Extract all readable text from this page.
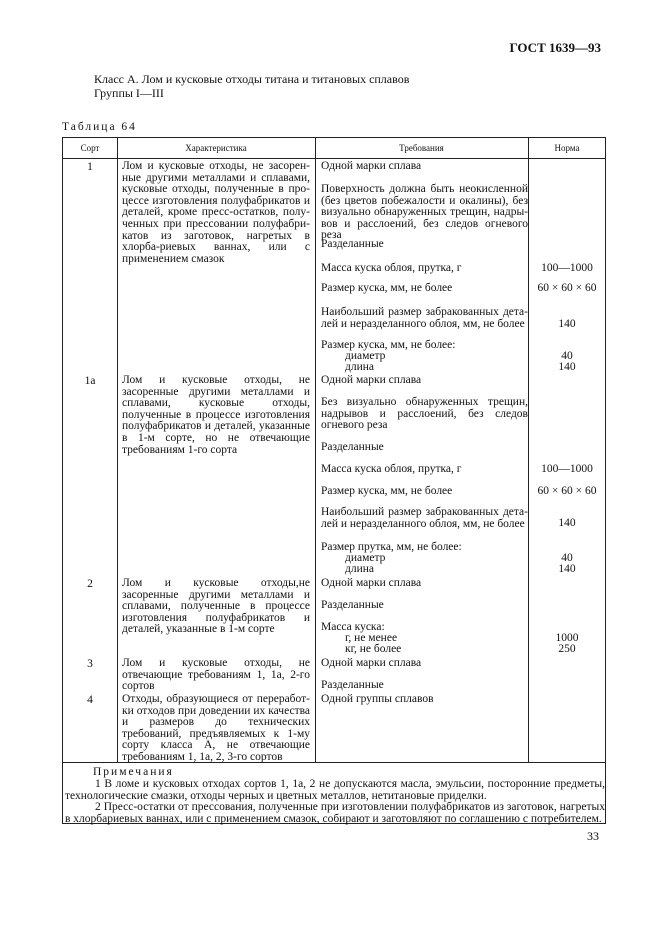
ГОСТ 1639—93
Класс А. Лом и кусковые отходы титана и титановых сплавов
Группы I—III
Таблица 64
Сорт	Характеристика	Требования	Норма
1	Лом и кусковые отходы, не засорен-ные другими металлами и сплавами, кусковые отходы, полученные в про-цессе изготовления полуфабрикатов и деталей, кроме пресс-остатков, полу-ченных при прессовании полуфабри-катов из заготовок, нагретых в хлорба-риевых ваннах, или с применением смазок
Одной марки сплава
Поверхность должна быть неокисленной (без цветов побежалости и окалины), без визуально обнаруженных трещин, надры-вов и расслоений, без следов огневого реза
Разделанные
Масса куска облоя, прутка, г	100—1000
Размер куска, мм, не более	60 × 60 × 60
Наибольший размер забракованных дета-лей и неразделанного облоя, мм, не более	140
Размер куска, мм, не более:
диаметр	40
длина	140
1а	Лом и кусковые отходы, не засоренные другими металлами и сплавами, кусковые отходы, полученные в процессе изготовления полуфабрикатов и деталей, указанные в 1-м сорте, но не отвечающие требованиям 1-го сорта
Одной марки сплава
Без визуально обнаруженных трещин, надрывов и расслоений, без следов огневого реза
Разделанные
Масса куска облоя, прутка, г	100—1000
Размер куска, мм, не более	60 × 60 × 60
Наибольший размер забракованных дета-лей и неразделанного облоя, мм, не более	140
Размер прутка, мм, не более:
диаметр	40
длина	140
2	Лом и кусковые отходы,не засоренные другими металлами и сплавами, полученные в процессе изготовления полуфабрикатов и деталей, указанные в 1-м сорте
Одной марки сплава
Разделанные
Масса куска:
г, не менее	1000
кг, не более	250
3	Лом и кусковые отходы, не отвечающие требованиям 1, 1а, 2-го сортов
Одной марки сплава
Разделанные
4	Отходы, образующиеся от переработ-ки отходов при доведении их качества и размеров до технических требований, предъявляемых к 1-му сорту класса А, не отвечающие требованиям 1, 1а, 2, 3-го сортов
Одной группы сплавов
Примечания
1 В ломе и кусковых отходах сортов 1, 1а, 2 не допускаются масла, эмульсии, посторонние предметы, технологические смазки, отходы черных и цветных металлов, нетитановые приделки.
2 Пресс-остатки от прессования, полученные при изготовлении полуфабрикатов из заготовок, нагретых в хлорбариевых ваннах, или с применением смазок, собирают и заготовляют по соглашению с потребителем.
33
